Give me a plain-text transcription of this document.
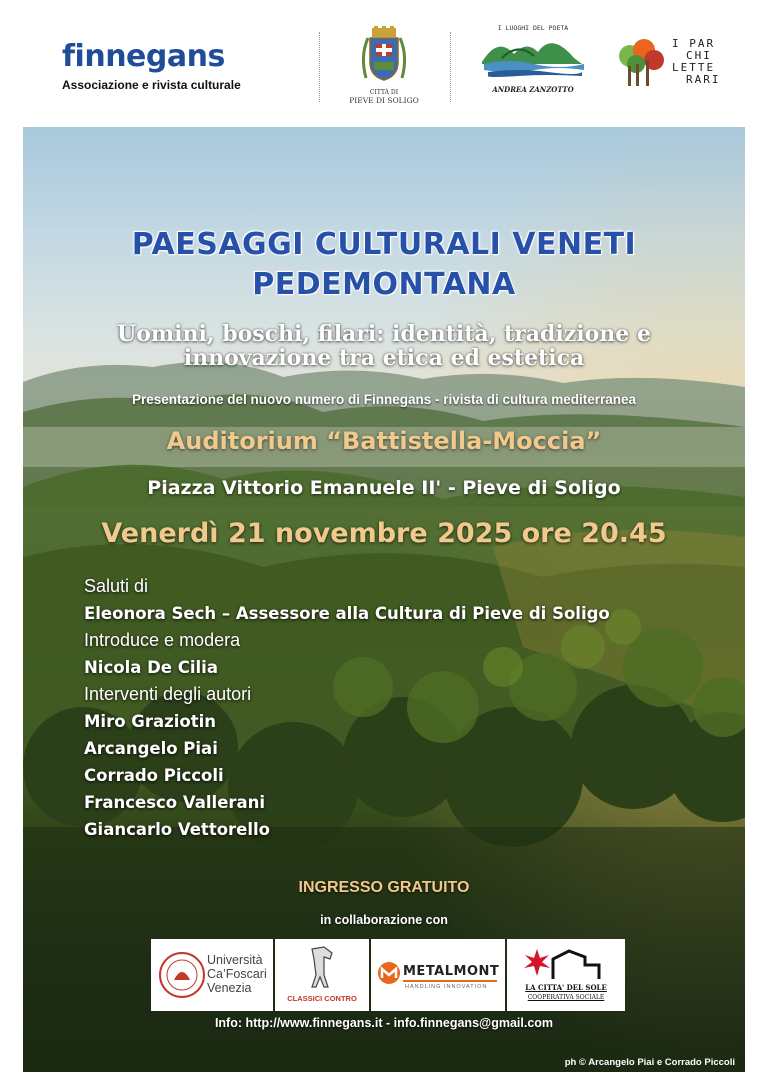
finnegans
Associazione e rivista culturale
CITTÀ DI
PIEVE DI SOLIGO
I LUOGHI DEL POETA
ANDREA ZANZOTTO
I PAR
CHI
LETTE
RARI
PAESAGGI CULTURALI VENETI
PEDEMONTANA
Uomini, boschi, filari: identità, tradizione e
innovazione tra etica ed estetica
Presentazione del nuovo numero di Finnegans - rivista di cultura mediterranea
Auditorium “Battistella-Moccia”
Piazza Vittorio Emanuele II' - Pieve di Soligo
Venerdì 21 novembre 2025 ore 20.45
Saluti di
Eleonora Sech – Assessore alla Cultura di Pieve di Soligo
Introduce e modera
Nicola De Cilia
Interventi degli autori
Miro Graziotin
Arcangelo Piai
Corrado Piccoli
Francesco Vallerani
Giancarlo Vettorello
INGRESSO GRATUITO
in collaborazione con
Università
Ca’Foscari
Venezia
CLASSICI CONTRO
METALMONT
HANDLING INNOVATION	LA CITTA' DEL SOLE
COOPERATIVA SOCIALE
Info: http://www.finnegans.it - info.finnegans@gmail.com
ph © Arcangelo Piai e Corrado Piccoli
